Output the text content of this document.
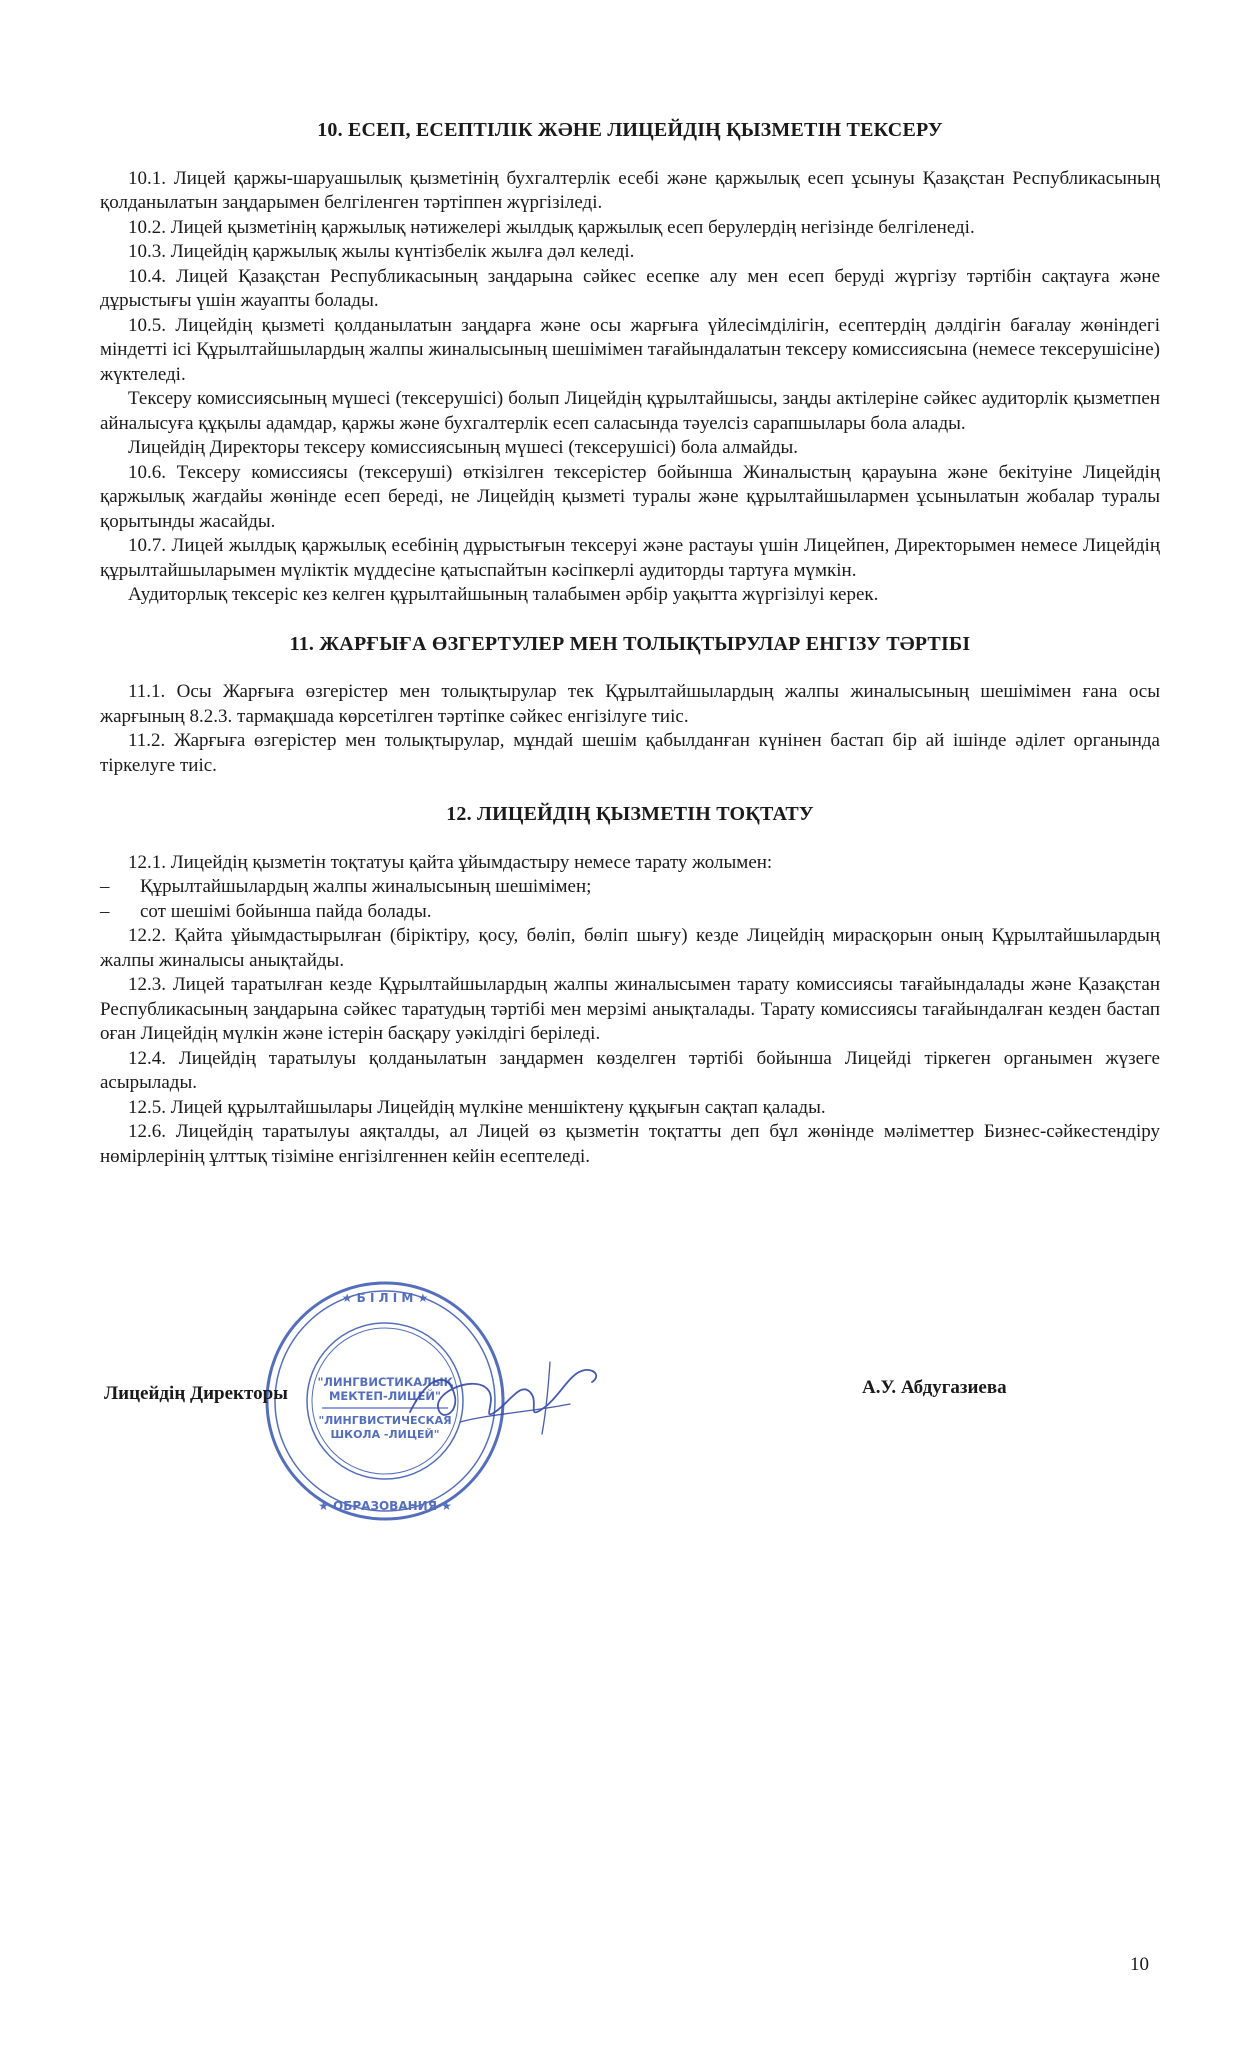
10. ЕСЕП, ЕСЕПТІЛІК ЖӘНЕ ЛИЦЕЙДІҢ ҚЫЗМЕТІН ТЕКСЕРУ

10.1. Лицей қаржы-шаруашылық қызметінің бухгалтерлік есебі және қаржылық есеп ұсынуы Қазақстан Республикасының қолданылатын заңдарымен белгіленген тәртіппен жүргізіледі.

10.2. Лицей қызметінің қаржылық нәтижелері жылдық қаржылық есеп берулердің негізінде белгіленеді.

10.3. Лицейдің қаржылық жылы күнтізбелік жылға дәл келеді.

10.4. Лицей Қазақстан Республикасының заңдарына сәйкес есепке алу мен есеп беруді жүргізу тәртібін сақтауға және дұрыстығы үшін жауапты болады.

10.5. Лицейдің қызметі қолданылатын заңдарға және осы жарғыға үйлесімділігін, есептердің дәлдігін бағалау жөніндегі міндетті ісі Құрылтайшылардың жалпы жиналысының шешімімен тағайындалатын тексеру комиссиясына (немесе тексерушісіне) жүктеледі.

Тексеру комиссиясының мүшесі (тексерушісі) болып Лицейдің құрылтайшысы, заңды актілеріне сәйкес аудиторлік қызметпен айналысуға құқылы адамдар, қаржы және бухгалтерлік есеп саласында тәуелсіз сарапшылары бола алады.

Лицейдің Директоры тексеру комиссиясының мүшесі (тексерушісі) бола алмайды.

10.6. Тексеру комиссиясы (тексеруші) өткізілген тексерістер бойынша Жиналыстың қарауына және бекітуіне Лицейдің қаржылық жағдайы жөнінде есеп береді, не Лицейдің қызметі туралы және құрылтайшылармен ұсынылатын жобалар туралы қорытынды жасайды.

10.7. Лицей жылдық қаржылық есебінің дұрыстығын тексеруі және растауы үшін Лицейпен, Директорымен немесе Лицейдің құрылтайшыларымен мүліктік мүддесіне қатыспайтын кәсіпкерлі аудиторды тартуға мүмкін.

Аудиторлық тексеріс кез келген құрылтайшының талабымен әрбір уақытта жүргізілуі керек.

11. ЖАРҒЫҒА ӨЗГЕРТУЛЕР МЕН ТОЛЫҚТЫРУЛАР ЕНГІЗУ ТӘРТІБІ

11.1. Осы Жарғыға өзгерістер мен толықтырулар тек Құрылтайшылардың жалпы жиналысының шешімімен ғана осы жарғының 8.2.3. тармақшада көрсетілген тәртіпке сәйкес енгізілуге тиіс.

11.2. Жарғыға өзгерістер мен толықтырулар, мұндай шешім қабылданған күнінен бастап бір ай ішінде әділет органында тіркелуге тиіс.

12. ЛИЦЕЙДІҢ ҚЫЗМЕТІН ТОҚТАТУ

12.1. Лицейдің қызметін тоқтатуы қайта ұйымдастыру немесе тарату жолымен:

– Құрылтайшылардың жалпы жиналысының шешімімен;

– сот шешімі бойынша пайда болады.

12.2. Қайта ұйымдастырылған (біріктіру, қосу, бөліп, бөліп шығу) кезде Лицейдің мирасқорын оның Құрылтайшылардың жалпы жиналысы анықтайды.

12.3. Лицей таратылған кезде Құрылтайшылардың жалпы жиналысымен тарату комиссиясы тағайындалады және Қазақстан Республикасының заңдарына сәйкес таратудың тәртібі мен мерзімі анықталады. Тарату комиссиясы тағайындалған кезден бастап оған Лицейдің мүлкін және істерін басқару уәкілдігі беріледі.

12.4. Лицейдің таратылуы қолданылатын заңдармен көзделген тәртібі бойынша Лицейді тіркеген органымен жүзеге асырылады.

12.5. Лицей құрылтайшылары Лицейдің мүлкіне меншіктену құқығын сақтап қалады.

12.6. Лицейдің таратылуы аяқталды, ал Лицей өз қызметін тоқтатты деп бұл жөнінде мәліметтер Бизнес-сәйкестендіру нөмірлерінің ұлттық тізіміне енгізілгеннен кейін есептеледі.

"ЛИНГВИСТИКАЛЫҚ
МЕКТЕП-ЛИЦЕЙ"
"ЛИНГВИСТИЧЕСКАЯ
ШКОЛА -ЛИЦЕЙ"
★ Б І Л І М ★
★ ОБРАЗОВАНИЯ ★
Лицейдің Директоры	А.У. Абдугазиева
10
